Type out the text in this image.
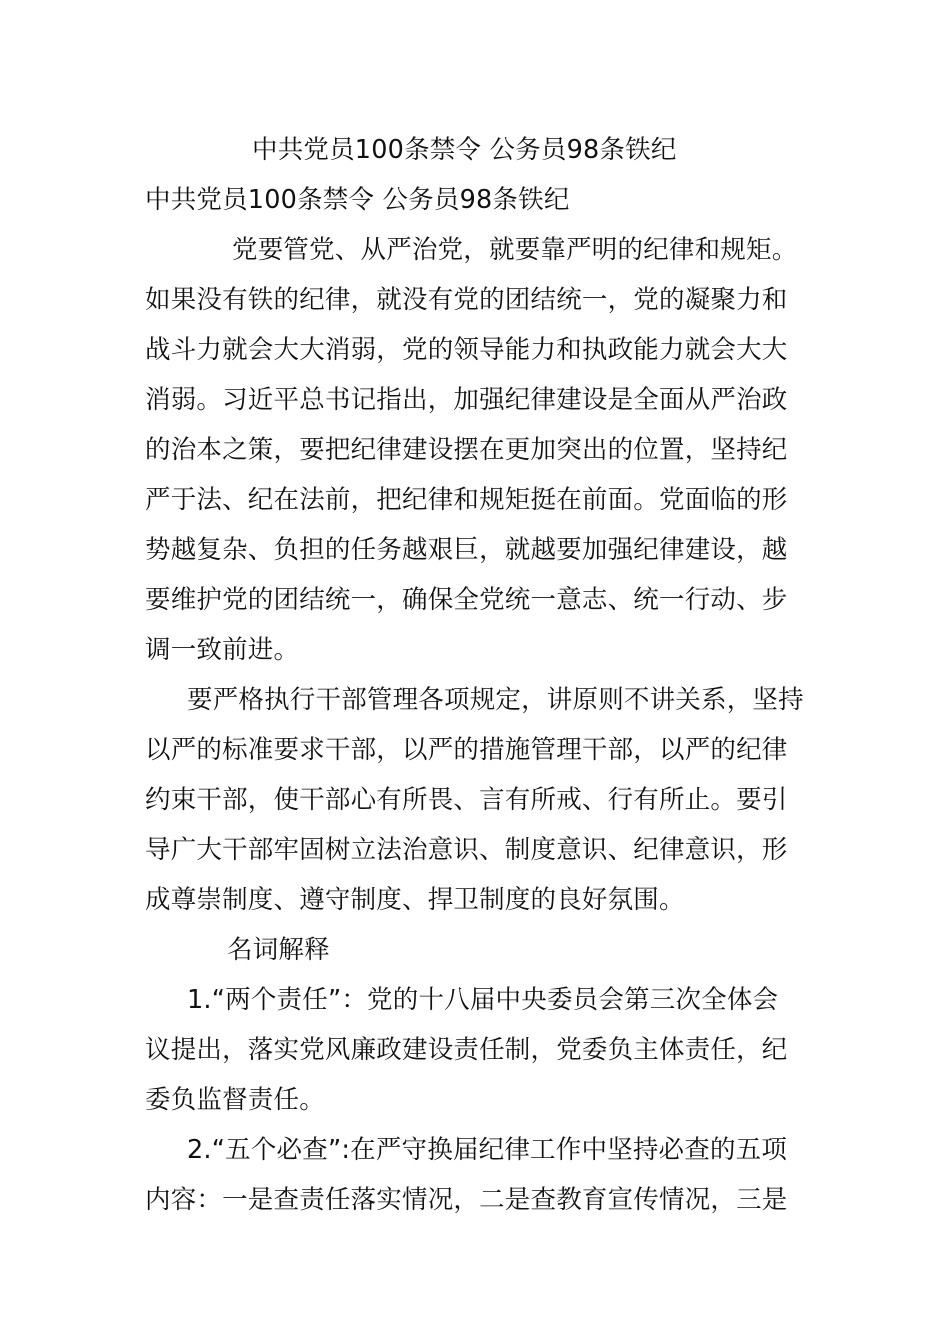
中共党员100条禁令 公务员98条铁纪
中共党员100条禁令 公务员98条铁纪
党要管党、从严治党，就要靠严明的纪律和规矩。
如果没有铁的纪律，就没有党的团结统一，党的凝聚力和
战斗力就会大大消弱，党的领导能力和执政能力就会大大
消弱。习近平总书记指出，加强纪律建设是全面从严治政
的治本之策，要把纪律建设摆在更加突出的位置，坚持纪
严于法、纪在法前，把纪律和规矩挺在前面。党面临的形
势越复杂、负担的任务越艰巨，就越要加强纪律建设，越
要维护党的团结统一，确保全党统一意志、统一行动、步
调一致前进。
要严格执行干部管理各项规定，讲原则不讲关系，坚持
以严的标准要求干部，以严的措施管理干部，以严的纪律
约束干部，使干部心有所畏、言有所戒、行有所止。要引
导广大干部牢固树立法治意识、制度意识、纪律意识，形
成尊崇制度、遵守制度、捍卫制度的良好氛围。
名词解释
1.“两个责任”：党的十八届中央委员会第三次全体会
议提出，落实党风廉政建设责任制，党委负主体责任，纪
委负监督责任。
2.“五个必查”:在严守换届纪律工作中坚持必查的五项
内容：一是查责任落实情况，二是查教育宣传情况，三是
